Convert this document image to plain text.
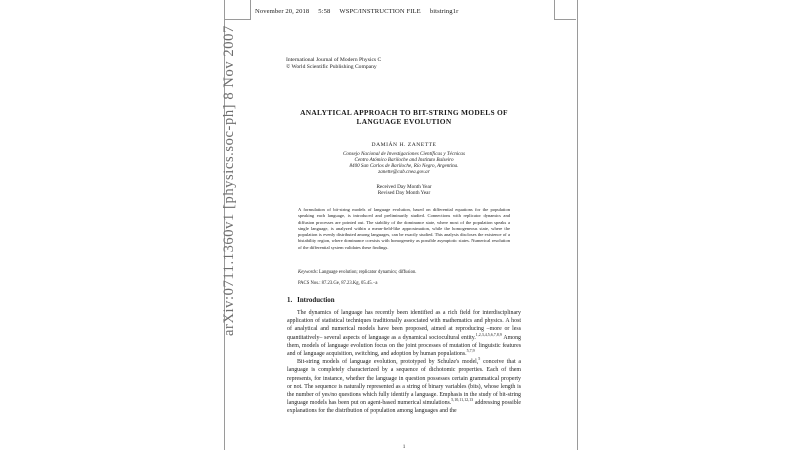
November 20, 2018 5:58 WSPC/INSTRUCTION FILE bitstring1r
arXiv:0711.1360v1 [physics.soc-ph] 8 Nov 2007	International Journal of Modern Physics C
© World Scientific Publishing Company
ANALYTICAL APPROACH TO BIT-STRING MODELS OF
LANGUAGE EVOLUTION
DAMIÁN H. ZANETTE
Consejo Nacional de Investigaciones Científicas y Técnicas
Centro Atómico Bariloche and Instituto Balseiro
8400 San Carlos de Bariloche, Río Negro, Argentina.
zanette@cab.cnea.gov.ar
Received Day Month Year
Revised Day Month Year
A formulation of bit-string models of language evolution, based on differential equations for the population speaking each language, is introduced and preliminarily studied. Connections with replicator dynamics and diffusion processes are pointed out. The stability of the dominance state, where most of the population speaks a single language, is analyzed within a mean-field-like approximation, while the homogeneous state, where the population is evenly distributed among languages, can be exactly studied. This analysis discloses the existence of a bistability region, where dominance coexists with homogeneity as possible asymptotic states. Numerical resolution of the differential system validates these findings.
Keywords: Language evolution; replicator dynamics; diffusion.
PACS Nos.: 87.23.Ge, 87.23.Kg, 05.45.−a
1. Introduction

The dynamics of language has recently been identified as a rich field for interdisciplinary application of statistical techniques traditionally associated with mathematics and physics. A host of analytical and numerical models have been proposed, aimed at reproducing –more or less quantitatively– several aspects of language as a dynamical sociocultural entity.$^{1,2,3,4,5,6,7,8,9}$ Among them, models of language evolution focus on the joint processes of mutation of linguistic features and of language acquisition, switching, and adoption by human populations.$^{5,7,9}$

Bit-string models of language evolution, prototyped by Schulze's model,$^5$ conceive that a language is completely characterized by a sequence of dichotomic properties. Each of them represents, for instance, whether the language in question possesses certain grammatical property or not. The sequence is naturally represented as a string of binary variables (bits), whose length is the number of yes/no questions which fully identify a language. Emphasis in the study of bit-string language models has been put on agent-based numerical simulations.$^{5,10,11,12,13}$ addressing possible explanations for the distribution of population among languages and the

1
